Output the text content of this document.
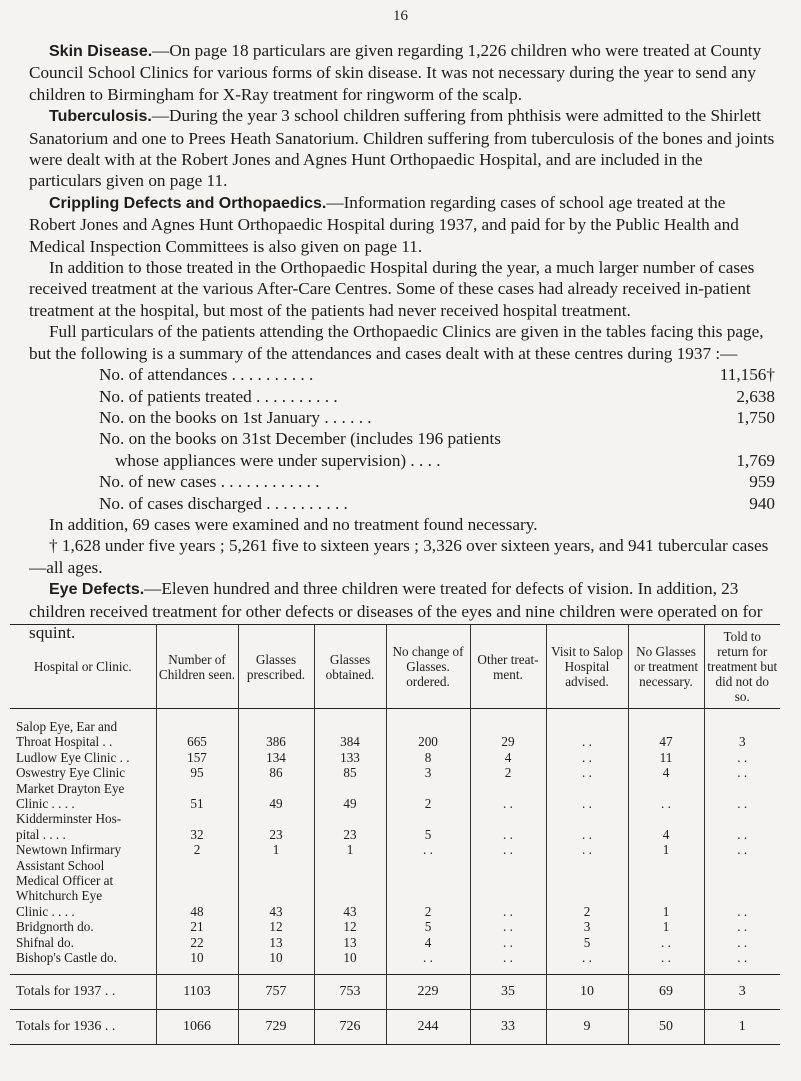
16

Skin Disease.—On page 18 particulars are given regarding 1,226 children who were treated at County Council School Clinics for various forms of skin disease. It was not necessary during the year to send any children to Birmingham for X-Ray treatment for ringworm of the scalp.

Tuberculosis.—During the year 3 school children suffering from phthisis were admitted to the Shirlett Sanatorium and one to Prees Heath Sanatorium. Children suffering from tuberculosis of the bones and joints were dealt with at the Robert Jones and Agnes Hunt Orthopaedic Hospital, and are included in the particulars given on page 11.

Crippling Defects and Orthopaedics.—Information regarding cases of school age treated at the Robert Jones and Agnes Hunt Orthopaedic Hospital during 1937, and paid for by the Public Health and Medical Inspection Committees is also given on page 11.

In addition to those treated in the Orthopaedic Hospital during the year, a much larger number of cases received treatment at the various After-Care Centres. Some of these cases had already received in-patient treatment at the hospital, but most of the patients had never received hospital treatment.

Full particulars of the patients attending the Orthopaedic Clinics are given in the tables facing this page, but the following is a summary of the attendances and cases dealt with at these centres during 1937 :—

No. of attendances . . . . . . . . . .	11,156†
No. of patients treated . . . . . . . . . .	2,638
No. on the books on 1st January . . . . . .	1,750
No. on the books on 31st December (includes 196 patients
whose appliances were under supervision) . . . .	1,769
No. of new cases . . . . . . . . . . . .	959
No. of cases discharged . . . . . . . . . .	940

In addition, 69 cases were examined and no treatment found necessary.

† 1,628 under five years ; 5,261 five to sixteen years ; 3,326 over sixteen years, and 941 tubercular cases—all ages.

Eye Defects.—Eleven hundred and three children were treated for defects of vision. In addition, 23 children received treatment for other defects or diseases of the eyes and nine children were operated on for squint.

Hospital or Clinic.	Number of Children seen.	Glasses prescribed.	Glasses obtained.	No change of Glasses. ordered.	Other treatment.	Visit to Salop Hospital advised.	No Glasses or treatment necessary.	Told to return for treatment but did not do so.

Salop Eye, Ear and
Throat Hospital . .	665	386	384	200	29	. .	47	3

Ludlow Eye Clinic . .	157	134	133	8	4	. .	11	. .

Oswestry Eye Clinic	95	86	85	3	2	. .	4	. .

Market Drayton Eye
Clinic . . . .	51	49	49	2	. .	. .	. .	. .

Kidderminster Hos-
pital . . . .	32	23	23	5	. .	. .	4	. .

Newtown Infirmary	2	1	1	. .	. .	. .	1	. .

Assistant School
Medical Officer at
Whitchurch Eye
Clinic . . . .	48	43	43	2	. .	2	1	. .

Bridgnorth do.	21	12	12	5	. .	3	1	. .

Shifnal do.	22	13	13	4	. .	5	. .	. .

Bishop's Castle do.	10	10	10	. .	. .	. .	. .	. .
Totals for 1937 . .	1103	757	753	229	35	10	69	3
Totals for 1936 . .	1066	729	726	244	33	9	50	1
